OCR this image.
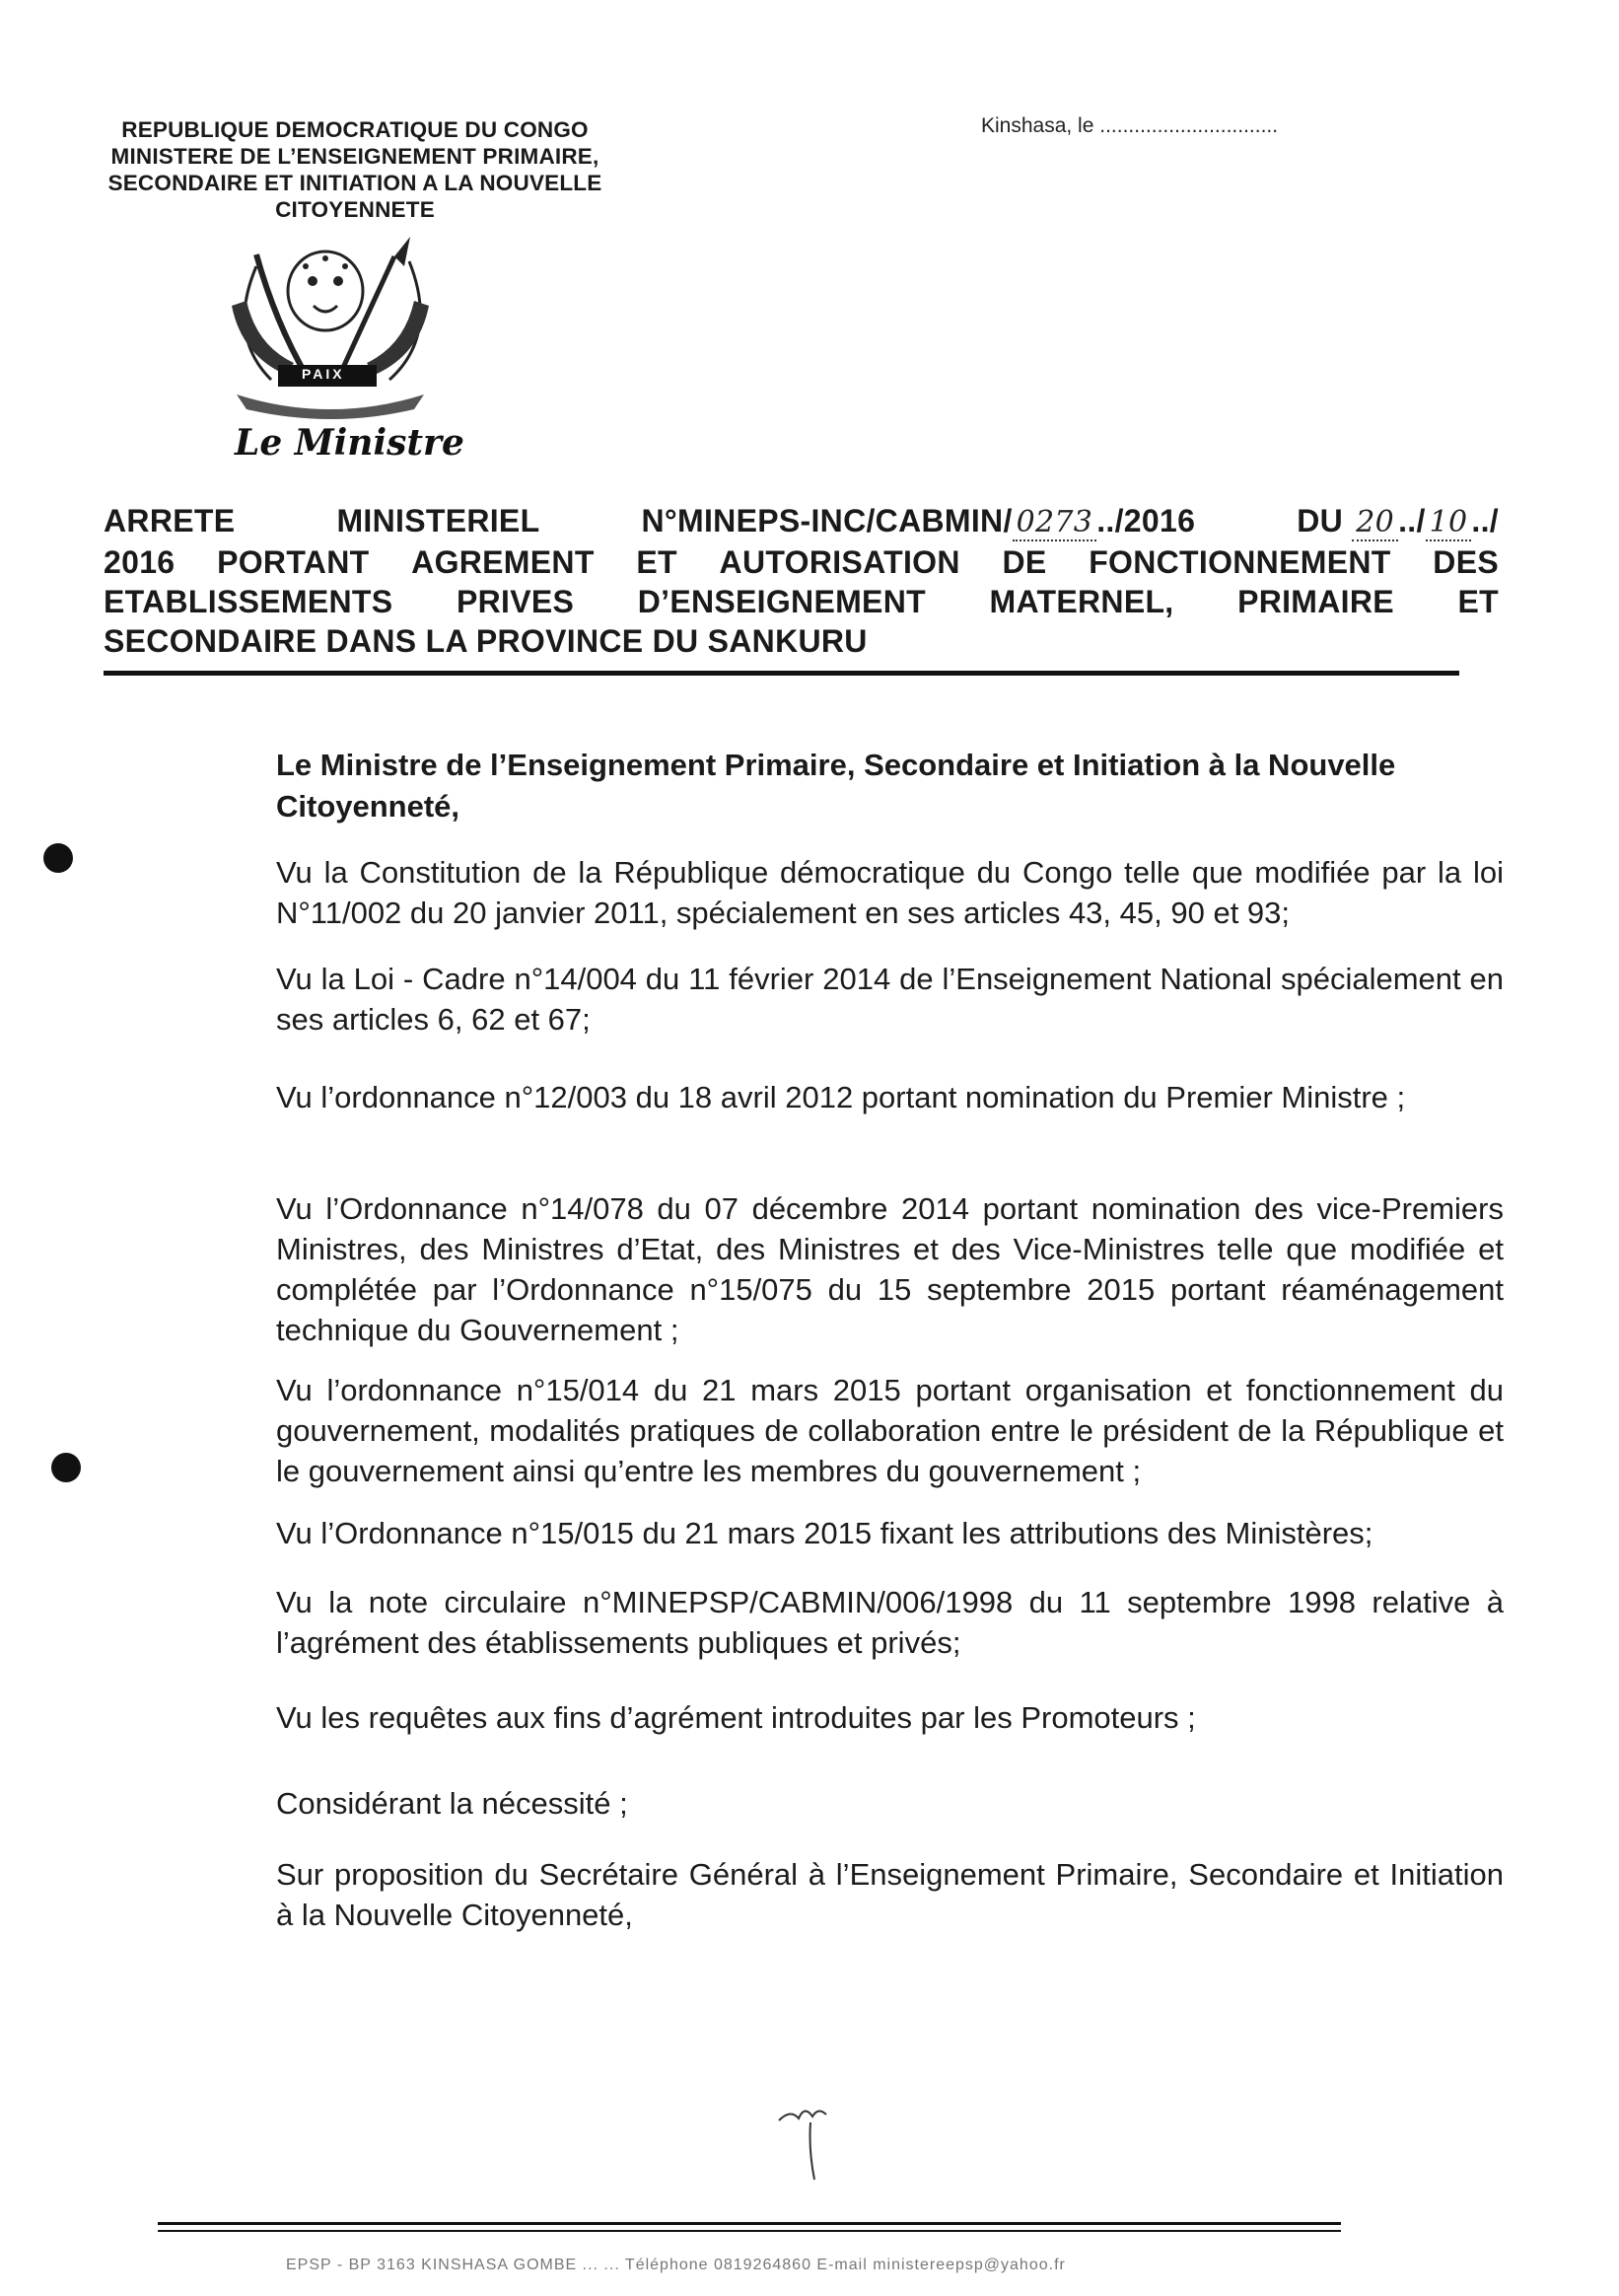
REPUBLIQUE DEMOCRATIQUE DU CONGO
MINISTERE DE L’ENSEIGNEMENT PRIMAIRE,
SECONDAIRE ET INITIATION A LA NOUVELLE
CITOYENNETE
Kinshasa, le ...............................
PAIX
Le Ministre
ARRETE	MINISTERIEL	N°MINEPS-INC/CABMIN/ 0273 ../2016	DU 20 ../ 10 ../
2016 PORTANT AGREMENT ET AUTORISATION DE FONCTIONNEMENT DES
ETABLISSEMENTS PRIVES D’ENSEIGNEMENT MATERNEL, PRIMAIRE ET
SECONDAIRE DANS LA PROVINCE DU SANKURU
Le Ministre de l’Enseignement Primaire, Secondaire et Initiation à la Nouvelle Citoyenneté,
Vu la Constitution de la République démocratique du Congo telle que modifiée par la loi N°11/002 du 20 janvier 2011, spécialement en ses articles 43, 45, 90 et 93;
Vu la Loi - Cadre n°14/004 du 11 février 2014 de l’Enseignement National spécialement en ses articles 6, 62 et 67;
Vu l’ordonnance n°12/003 du 18 avril 2012 portant nomination du Premier Ministre ;
Vu l’Ordonnance n°14/078 du 07 décembre 2014 portant nomination des vice-Premiers Ministres, des Ministres d’Etat, des Ministres et des Vice-Ministres telle que modifiée et complétée par l’Ordonnance n°15/075 du 15 septembre 2015 portant réaménagement technique du Gouvernement ;
Vu l’ordonnance n°15/014 du 21 mars 2015 portant organisation et fonctionnement du gouvernement, modalités pratiques de collaboration entre le président de la République et le gouvernement ainsi qu’entre les membres du gouvernement ;
Vu l’Ordonnance n°15/015 du 21 mars 2015 fixant les attributions des Ministères;
Vu la note circulaire n°MINEPSP/CABMIN/006/1998 du 11 septembre 1998 relative à l’agrément des établissements publiques et privés;
Vu les requêtes aux fins d’agrément introduites par les Promoteurs ;
Considérant la nécessité ;
Sur proposition du Secrétaire Général à l’Enseignement Primaire, Secondaire et Initiation à la Nouvelle Citoyenneté,
EPSP - BP 3163 KINSHASA GOMBE ... ... Téléphone 0819264860 E-mail ministereepsp@yahoo.fr
